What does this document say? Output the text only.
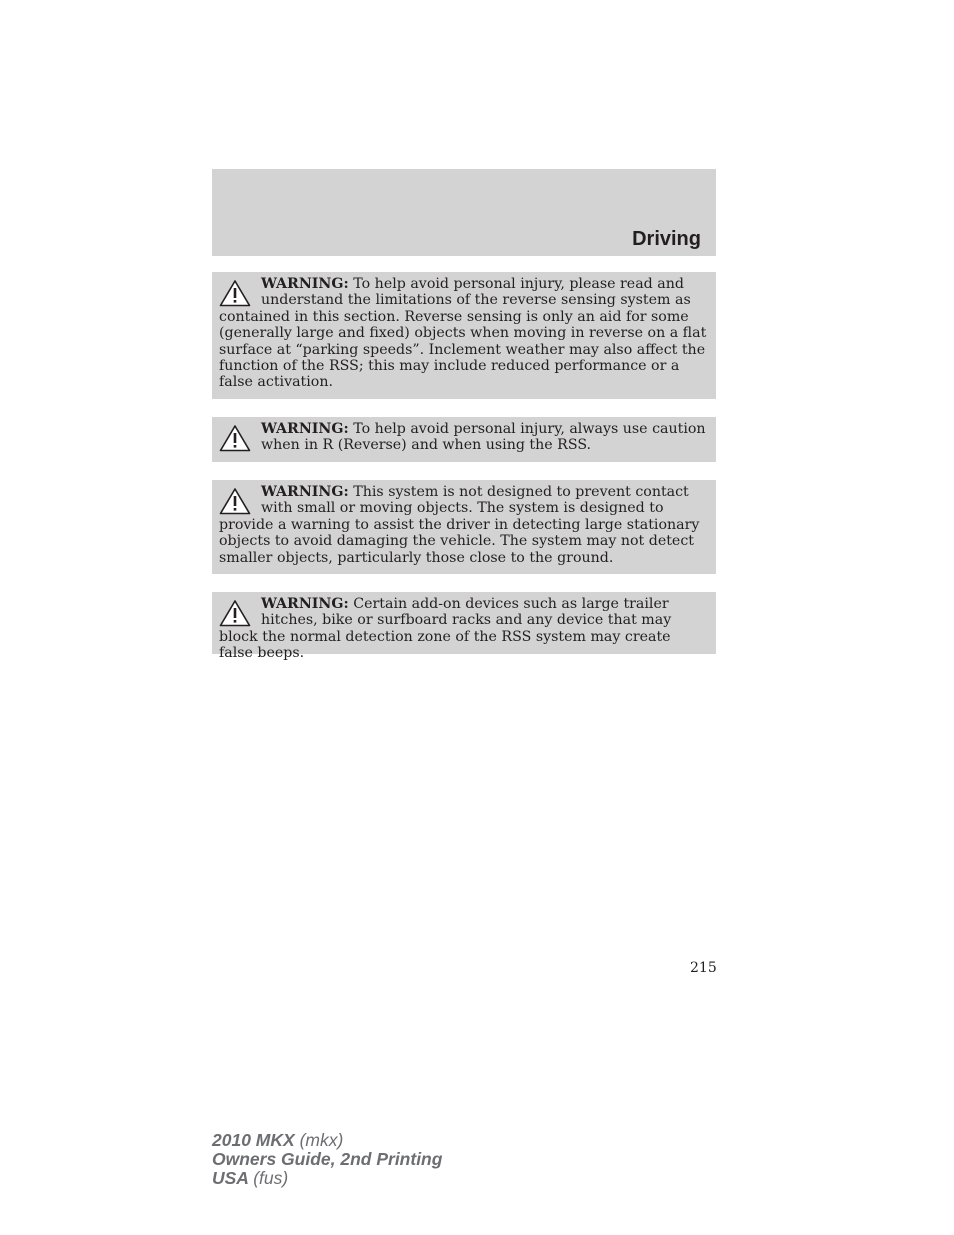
Driving
WARNING: To help avoid personal injury, please read and understand the limitations of the reverse sensing system as contained in this section. Reverse sensing is only an aid for some (generally large and fixed) objects when moving in reverse on a flat surface at “parking speeds”. Inclement weather may also affect the function of the RSS; this may include reduced performance or a false activation.
WARNING: To help avoid personal injury, always use caution when in R (Reverse) and when using the RSS.
WARNING: This system is not designed to prevent contact with small or moving objects. The system is designed to provide a warning to assist the driver in detecting large stationary objects to avoid damaging the vehicle. The system may not detect smaller objects, particularly those close to the ground.
WARNING: Certain add-on devices such as large trailer hitches, bike or surfboard racks and any device that may block the normal detection zone of the RSS system may create false beeps.
215
2010 MKX (mkx)
Owners Guide, 2nd Printing
USA (fus)
